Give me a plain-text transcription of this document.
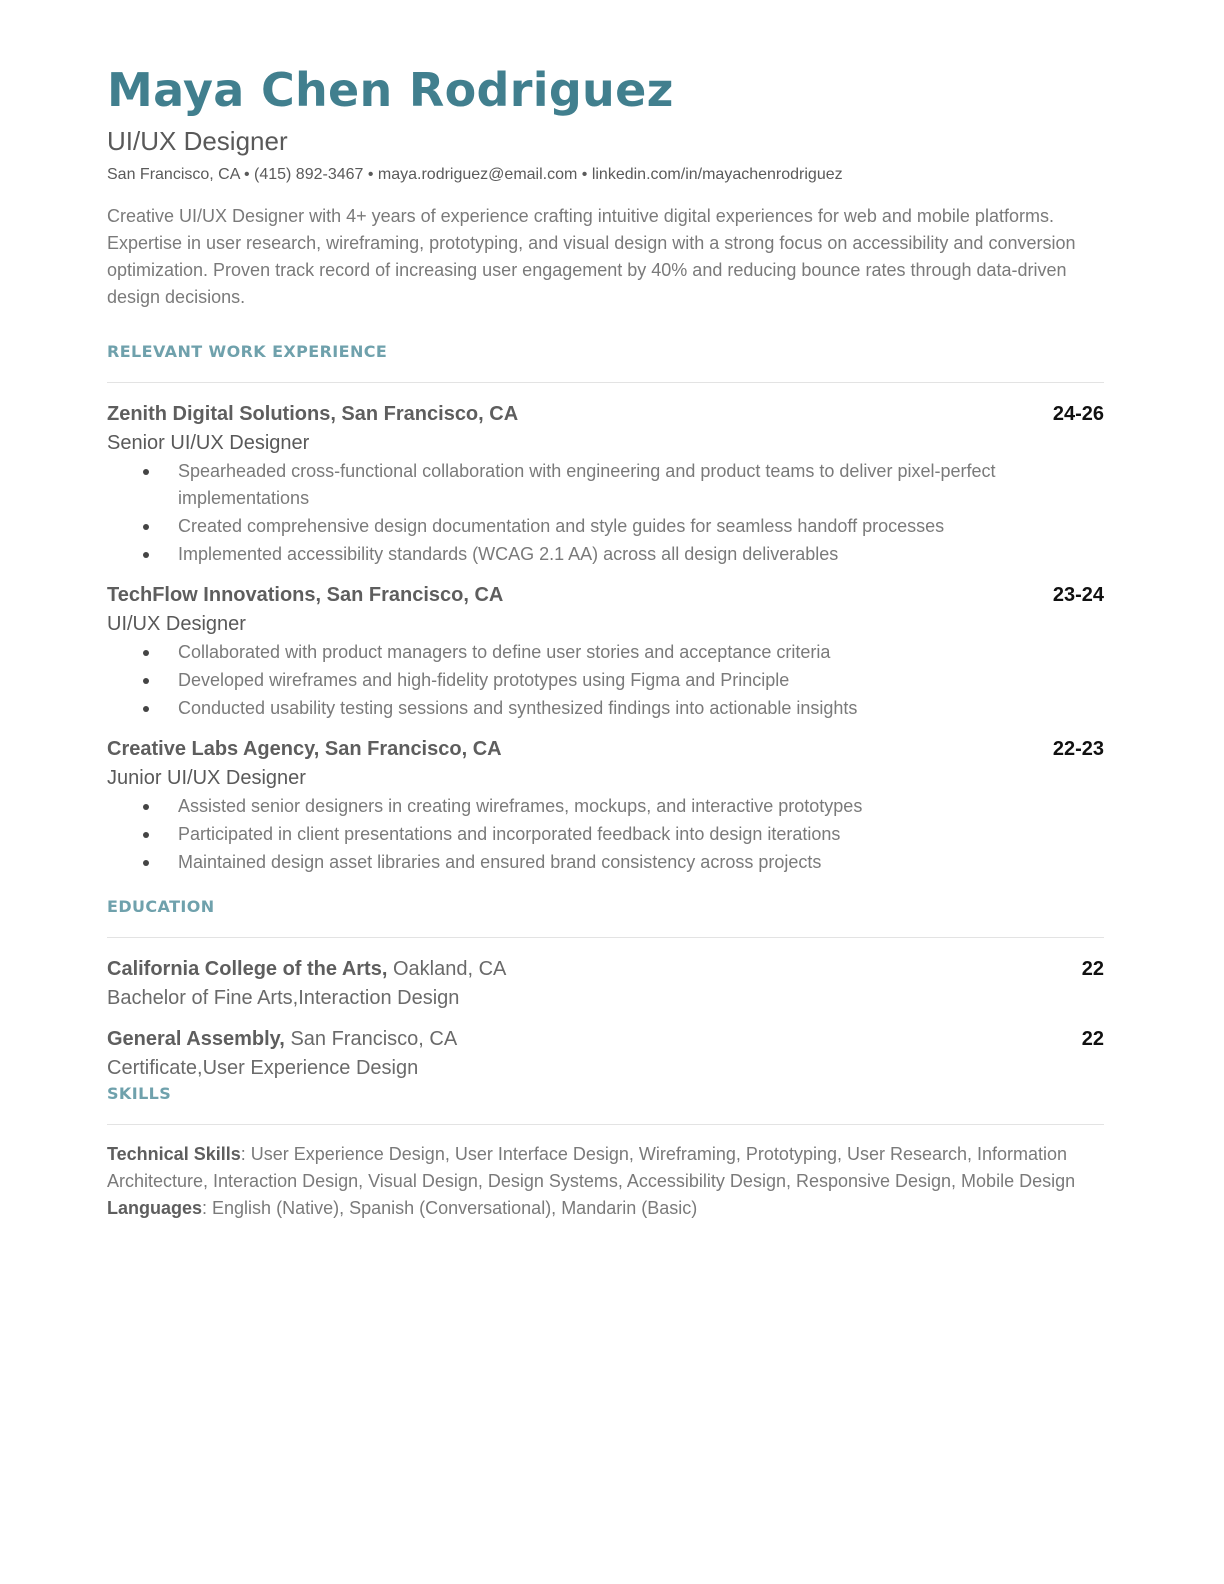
Maya Chen Rodriguez
UI/UX Designer
San Francisco, CA • (415) 892-3467 • maya.rodriguez@email.com • linkedin.com/in/mayachenrodriguez
Creative UI/UX Designer with 4+ years of experience crafting intuitive digital experiences for web and mobile platforms. Expertise in user research, wireframing, prototyping, and visual design with a strong focus on accessibility and conversion optimization. Proven track record of increasing user engagement by 40% and reducing bounce rates through data-driven design decisions.
RELEVANT WORK EXPERIENCE
Zenith Digital Solutions, San Francisco, CA	24-26
Senior UI/UX Designer
Spearheaded cross-functional collaboration with engineering and product teams to deliver pixel-perfect implementations
Created comprehensive design documentation and style guides for seamless handoff processes
Implemented accessibility standards (WCAG 2.1 AA) across all design deliverables
TechFlow Innovations, San Francisco, CA	23-24
UI/UX Designer
Collaborated with product managers to define user stories and acceptance criteria
Developed wireframes and high-fidelity prototypes using Figma and Principle
Conducted usability testing sessions and synthesized findings into actionable insights
Creative Labs Agency, San Francisco, CA	22-23
Junior UI/UX Designer
Assisted senior designers in creating wireframes, mockups, and interactive prototypes
Participated in client presentations and incorporated feedback into design iterations
Maintained design asset libraries and ensured brand consistency across projects
EDUCATION
California College of the Arts, Oakland, CA	22
Bachelor of Fine Arts,Interaction Design
General Assembly, San Francisco, CA	22
Certificate,User Experience Design
SKILLS
Technical Skills: User Experience Design, User Interface Design, Wireframing, Prototyping, User Research, Information Architecture, Interaction Design, Visual Design, Design Systems, Accessibility Design, Responsive Design, Mobile Design
Languages: English (Native), Spanish (Conversational), Mandarin (Basic)
